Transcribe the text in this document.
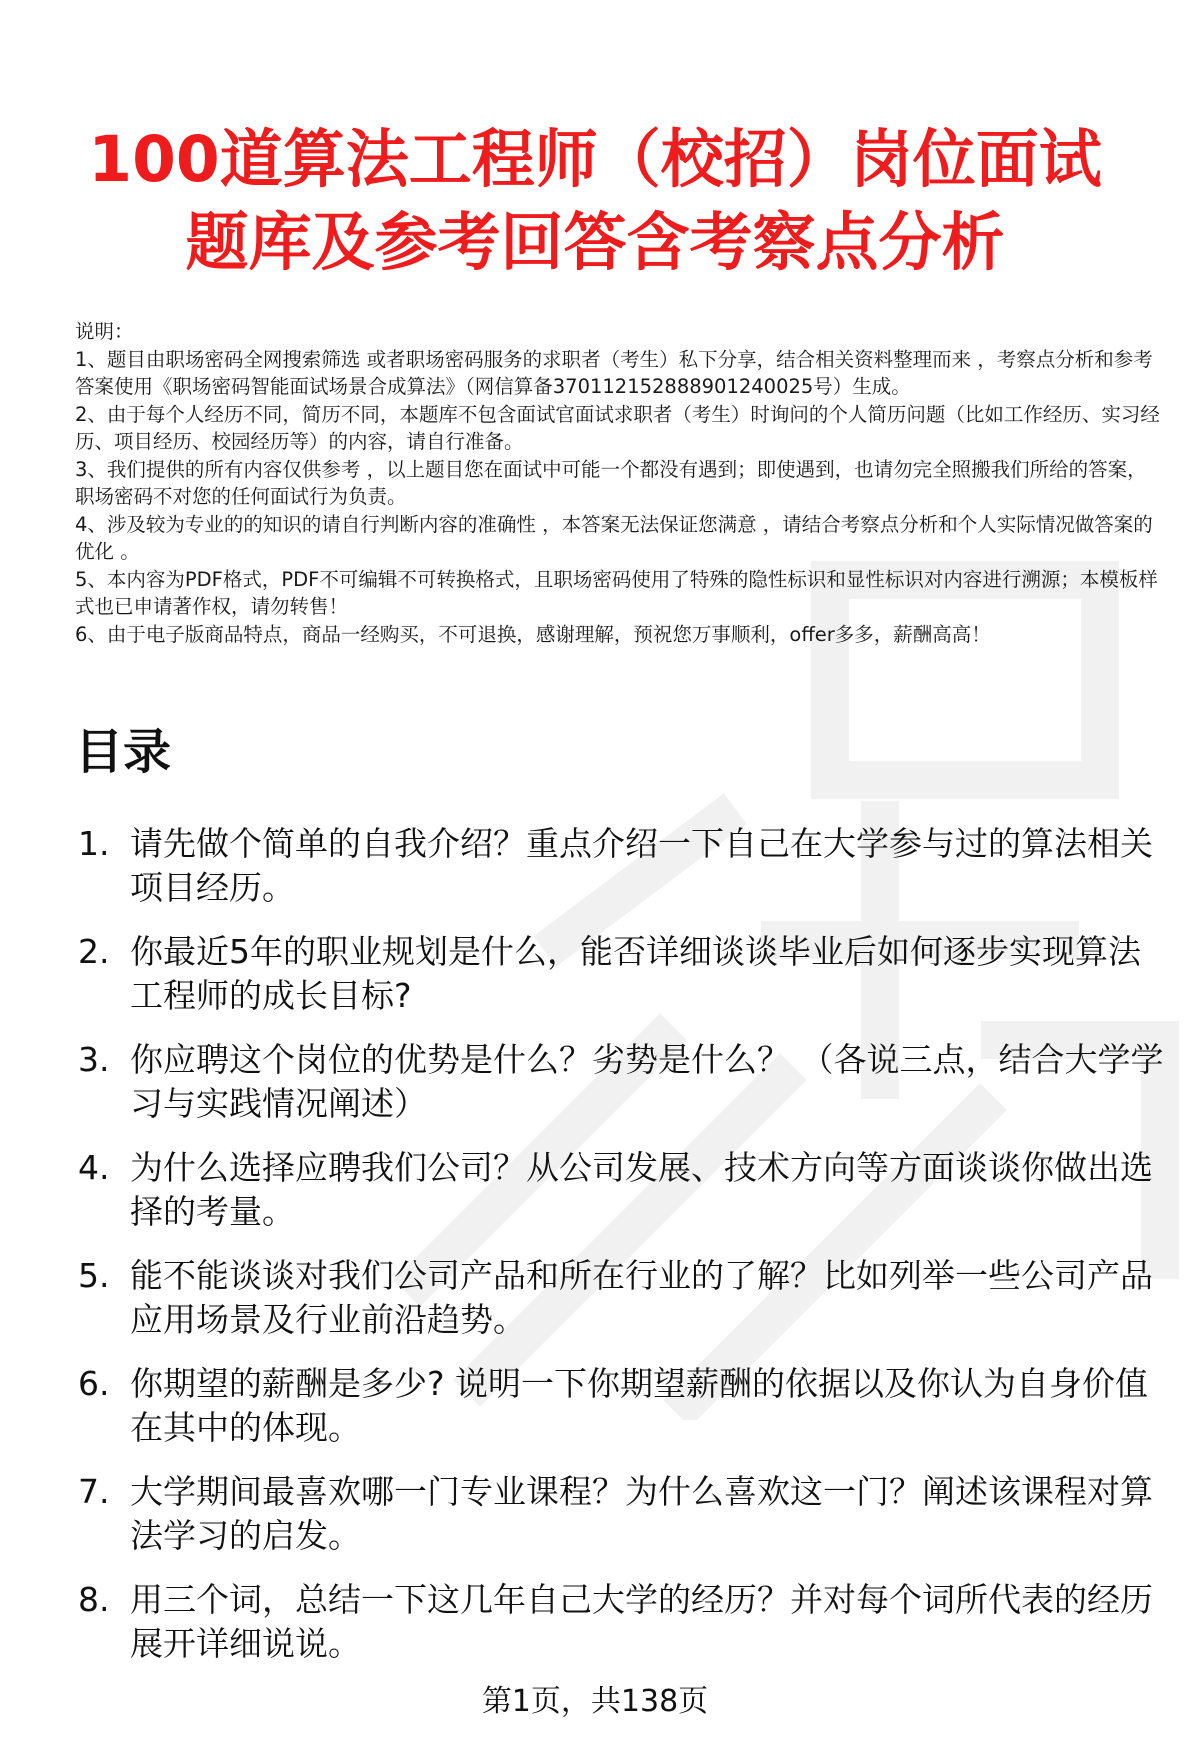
100道算法工程师（校招）岗位面试
题库及参考回答含考察点分析

说明：

1、题目由职场密码全网搜索筛选 或者职场密码服务的求职者（考生）私下分享，结合相关资料整理而来 ，考察点分析和参考答案使用《职场密码智能面试场景合成算法》（网信算备370112152888901240025号）生成。

2、由于每个人经历不同，简历不同，本题库不包含面试官面试求职者（考生）时询问的个人简历问题（比如工作经历、实习经历、项目经历、校园经历等）的内容，请自行准备。

3、我们提供的所有内容仅供参考 ，以上题目您在面试中可能一个都没有遇到；即使遇到，也请勿完全照搬我们所给的答案，职场密码不对您的任何面试行为负责。

4、涉及较为专业的的知识的请自行判断内容的准确性 ，本答案无法保证您满意 ，请结合考察点分析和个人实际情况做答案的优化 。

5、本内容为PDF格式，PDF不可编辑不可转换格式，且职场密码使用了特殊的隐性标识和显性标识对内容进行溯源；本模板样式也已申请著作权，请勿转售！

6、由于电子版商品特点，商品一经购买，不可退换，感谢理解，预祝您万事顺利，offer多多，薪酬高高！

目录
1. 请先做个简单的自我介绍？重点介绍一下自己在大学参与过的算法相关项目经历。
2. 你最近5年的职业规划是什么，能否详细谈谈毕业后如何逐步实现算法工程师的成长目标?
3. 你应聘这个岗位的优势是什么？劣势是什么？ （各说三点，结合大学学习与实践情况阐述）
4. 为什么选择应聘我们公司？从公司发展、技术方向等方面谈谈你做出选择的考量。
5. 能不能谈谈对我们公司产品和所在行业的了解？比如列举一些公司产品应用场景及行业前沿趋势。
6. 你期望的薪酬是多少? 说明一下你期望薪酬的依据以及你认为自身价值在其中的体现。
7. 大学期间最喜欢哪一门专业课程？为什么喜欢这一门？阐述该课程对算法学习的启发。
8. 用三个词，总结一下这几年自己大学的经历？并对每个词所代表的经历展开详细说说。
第1页，共138页
